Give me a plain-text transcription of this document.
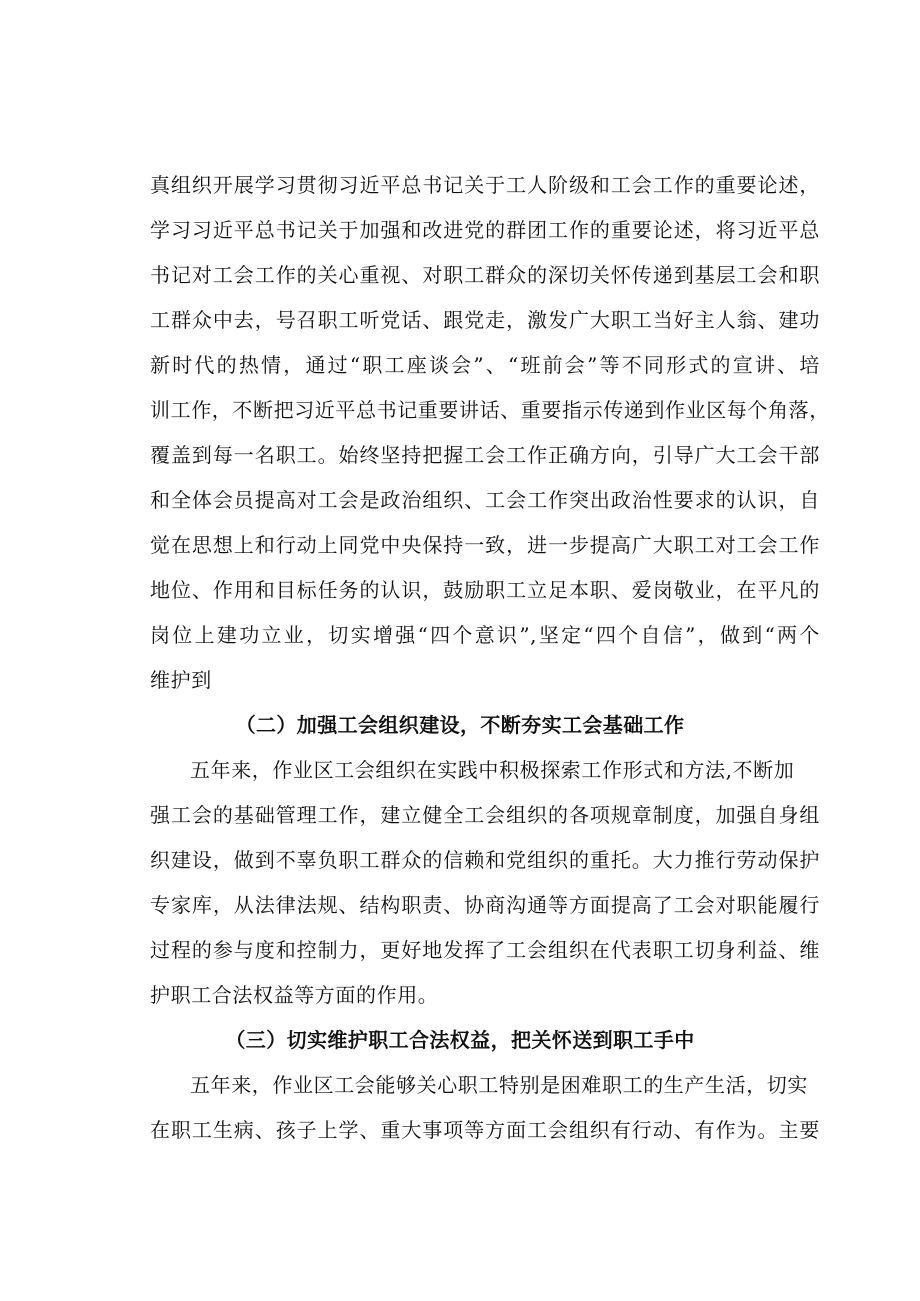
真组织开展学习贯彻习近平总书记关于工人阶级和工会工作的重要论述，
学习习近平总书记关于加强和改进党的群团工作的重要论述，将习近平总
书记对工会工作的关心重视、对职工群众的深切关怀传递到基层工会和职
工群众中去，号召职工听党话、跟党走，激发广大职工当好主人翁、建功
新时代的热情，通过“职工座谈会”、“班前会”等不同形式的宣讲、培
训工作，不断把习近平总书记重要讲话、重要指示传递到作业区每个角落，
覆盖到每一名职工。始终坚持把握工会工作正确方向，引导广大工会干部
和全体会员提高对工会是政治组织、工会工作突出政治性要求的认识，自
觉在思想上和行动上同党中央保持一致，进一步提高广大职工对工会工作
地位、作用和目标任务的认识，鼓励职工立足本职、爱岗敬业，在平凡的
岗位上建功立业，切实增强“四个意识”,坚定“四个自信”，做到“两个
维护到
（二）加强工会组织建设，不断夯实工会基础工作
五年来，作业区工会组织在实践中积极探索工作形式和方法,不断加
强工会的基础管理工作，建立健全工会组织的各项规章制度，加强自身组
织建设，做到不辜负职工群众的信赖和党组织的重托。大力推行劳动保护
专家库，从法律法规、结构职责、协商沟通等方面提高了工会对职能履行
过程的参与度和控制力，更好地发挥了工会组织在代表职工切身利益、维
护职工合法权益等方面的作用。
（三）切实维护职工合法权益，把关怀送到职工手中
五年来，作业区工会能够关心职工特别是困难职工的生产生活，切实
在职工生病、孩子上学、重大事项等方面工会组织有行动、有作为。主要
